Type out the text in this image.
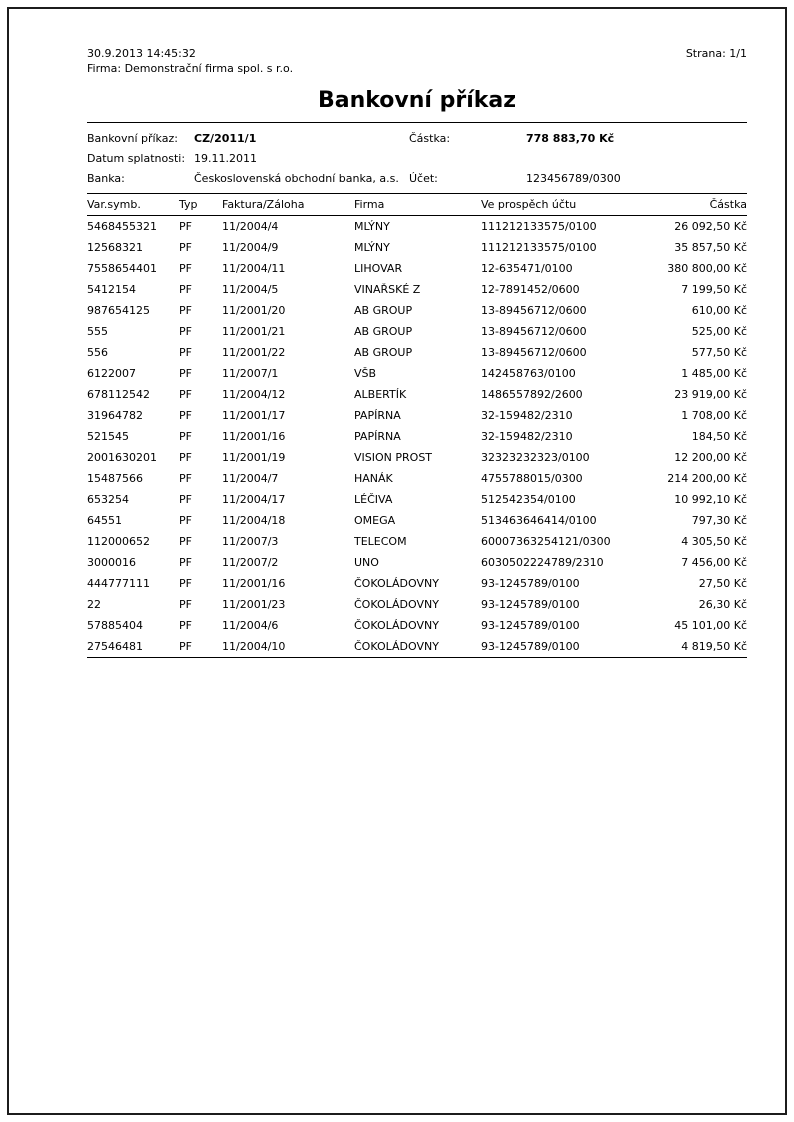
30.9.2013 14:45:32	Strana: 1/1
Firma: Demonstrační firma spol. s r.o.
Bankovní příkaz
Bankovní příkaz: CZ/2011/1	Částka:	778 883,70 Kč
Datum splatnosti: 19.11.2011
Banka:	Československá obchodní banka, a.s. Účet:	123456789/0300
Var.symb.	Typ	Faktura/Záloha	Firma	Ve prospěch účtu	Částka
5468455321	PF	11/2004/4	MLÝNY	111212133575/0100	26 092,50 Kč
12568321	PF	11/2004/9	MLÝNY	111212133575/0100	35 857,50 Kč
7558654401	PF	11/2004/11	LIHOVAR	12-635471/0100	380 800,00 Kč
5412154	PF	11/2004/5	VINAŘSKÉ Z	12-7891452/0600	7 199,50 Kč
987654125	PF	11/2001/20	AB GROUP	13-89456712/0600	610,00 Kč
555	PF	11/2001/21	AB GROUP	13-89456712/0600	525,00 Kč
556	PF	11/2001/22	AB GROUP	13-89456712/0600	577,50 Kč
6122007	PF	11/2007/1	VŠB	142458763/0100	1 485,00 Kč
678112542	PF	11/2004/12	ALBERTÍK	1486557892/2600	23 919,00 Kč
31964782	PF	11/2001/17	PAPÍRNA	32-159482/2310	1 708,00 Kč
521545	PF	11/2001/16	PAPÍRNA	32-159482/2310	184,50 Kč
2001630201	PF	11/2001/19	VISION PROST	32323232323/0100	12 200,00 Kč
15487566	PF	11/2004/7	HANÁK	4755788015/0300	214 200,00 Kč
653254	PF	11/2004/17	LÉČIVA	512542354/0100	10 992,10 Kč
64551	PF	11/2004/18	OMEGA	513463646414/0100	797,30 Kč
112000652	PF	11/2007/3	TELECOM	60007363254121/0300	4 305,50 Kč
3000016	PF	11/2007/2	UNO	6030502224789/2310	7 456,00 Kč
444777111	PF	11/2001/16	ČOKOLÁDOVNY	93-1245789/0100	27,50 Kč
22	PF	11/2001/23	ČOKOLÁDOVNY	93-1245789/0100	26,30 Kč
57885404	PF	11/2004/6	ČOKOLÁDOVNY	93-1245789/0100	45 101,00 Kč
27546481	PF	11/2004/10	ČOKOLÁDOVNY	93-1245789/0100	4 819,50 Kč
